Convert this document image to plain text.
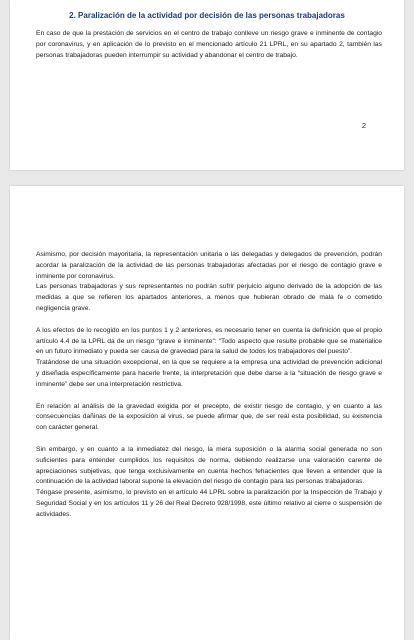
2. Paralización de la actividad por decisión de las personas trabajadoras

En caso de que la prestación de servicios en el centro de trabajo conlleve un riesgo grave e inminente de contagio por coronavirus, y en aplicación de lo previsto en el mencionado artículo 21 LPRL, en su apartado 2, también las personas trabajadoras pueden interrumpir su actividad y abandonar el centro de trabajo.

2

Asimismo, por decisión mayoritaria, la representación unitaria o las delegadas y delegados de prevención, podrán acordar la paralización de la actividad de las personas trabajadoras afectadas por el riesgo de contagio grave e inminente por coronavirus.

Las personas trabajadoras y sus representantes no podrán sufrir perjuicio alguno derivado de la adopción de las medidas a que se refieren los apartados anteriores, a menos que hubieran obrado de mala fe o cometido negligencia grave.

A los efectos de lo recogido en los puntos 1 y 2 anteriores, es necesario tener en cuenta la definición que el propio artículo 4.4 de la LPRL da de un riesgo “grave e inminente”: “Todo aspecto que resulte probable que se materialice en un futuro inmediato y pueda ser causa de gravedad para la salud de todos los trabajadores del puesto”.

Tratándose de una situación excepcional, en la que se requiere a la empresa una actividad de prevención adicional y diseñada específicamente para hacerle frente, la interpretación que debe darse a la “situación de riesgo grave e inminente” debe ser una interpretación restrictiva.

En relación al análisis de la gravedad exigida por el precepto, de existir riesgo de contagio, y en cuanto a las consecuencias dañinas de la exposición al virus, se puede afirmar que, de ser real esta posibilidad, su existencia con carácter general.

Sin embargo, y en cuanto a la inmediatez del riesgo, la mera suposición o la alarma social generada no son suficientes para entender cumplidos los requisitos de norma, debiendo realizarse una valoración carente de apreciaciones subjetivas, que tenga exclusivamente en cuenta hechos fehacientes que lleven a entender que la continuación de la actividad laboral supone la elevación del riesgo de contagio para las personas trabajadoras.

Téngase presente, asimismo, lo previsto en el artículo 44 LPRL sobre la paralización por la Inspección de Trabajo y Seguridad Social y en los artículos 11 y 26 del Real Decreto 928/1998, este último relativo al cierre o suspensión de actividades.
